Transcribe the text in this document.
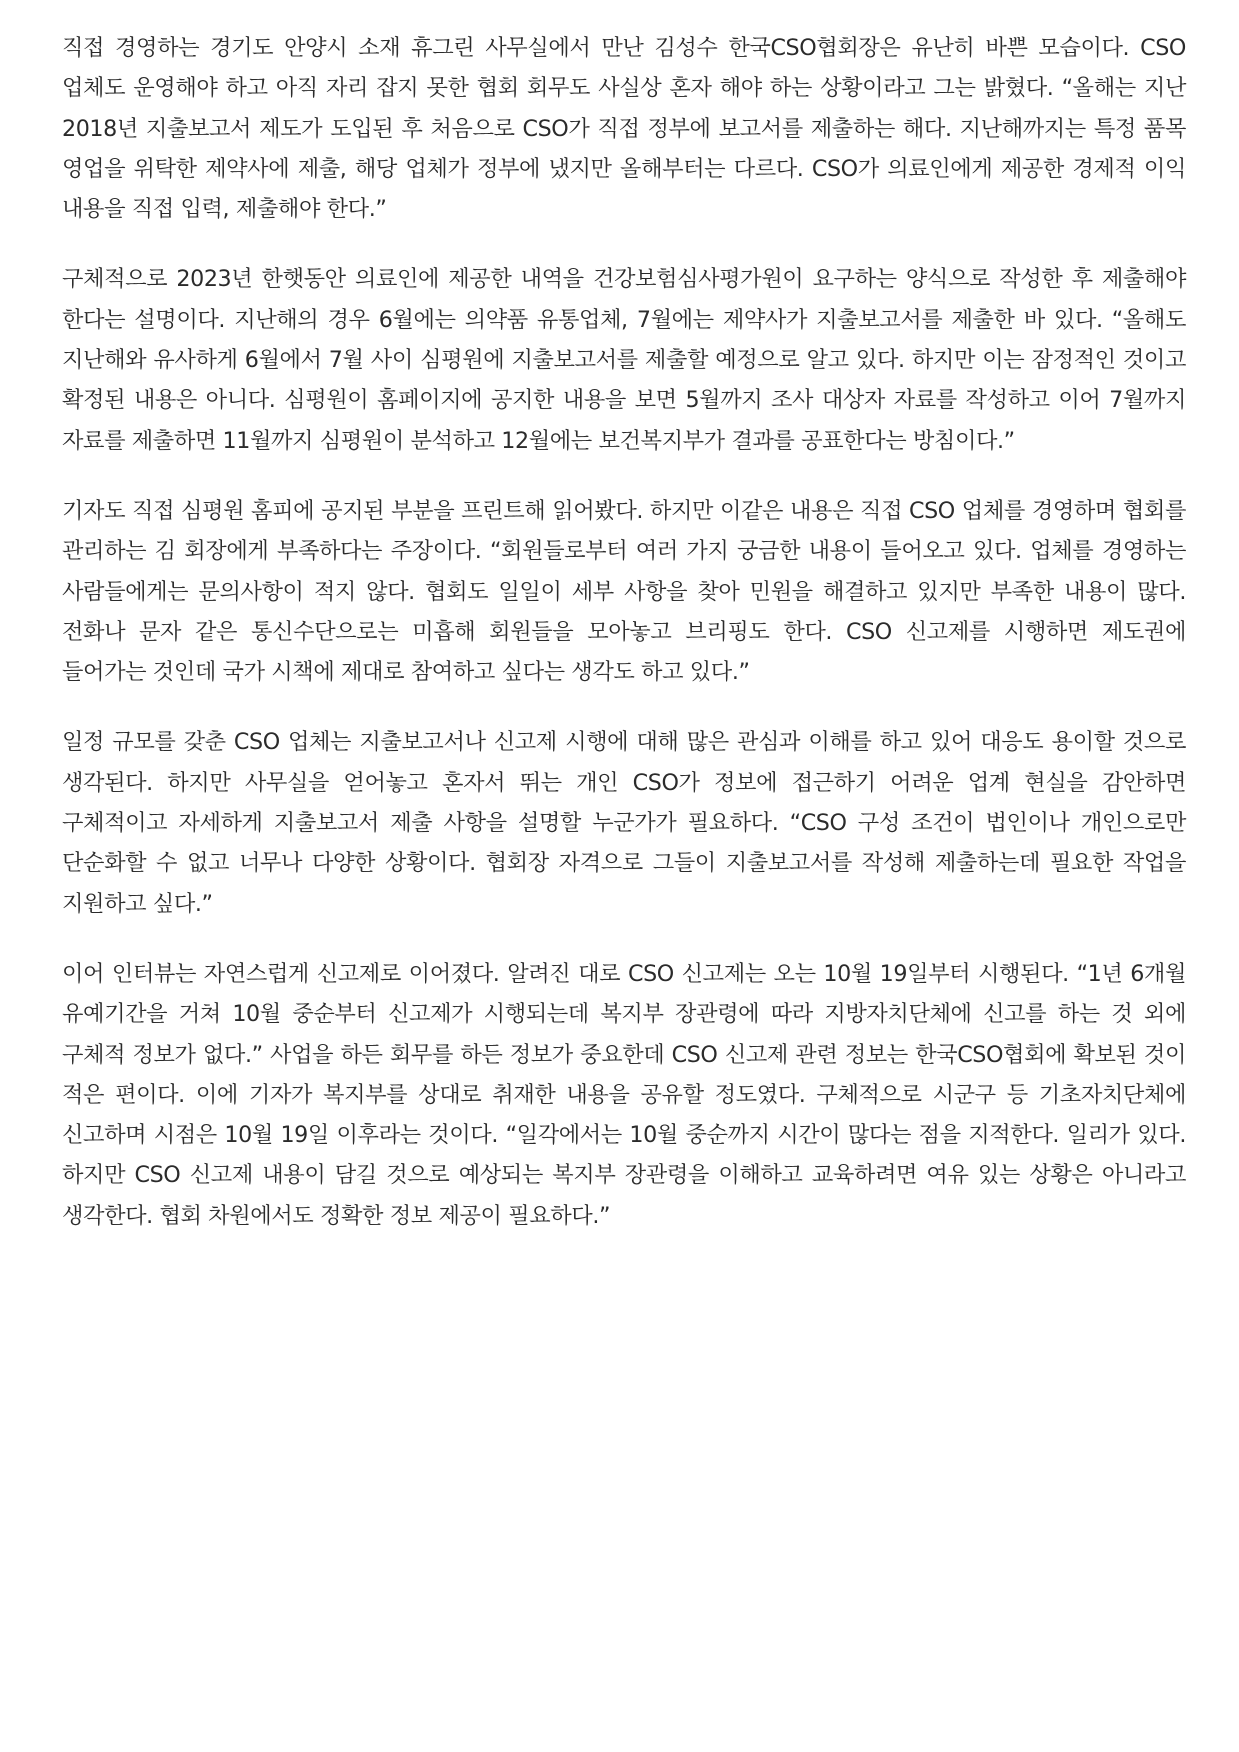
직접 경영하는 경기도 안양시 소재 휴그린 사무실에서 만난 김성수 한국CSO협회장은 유난히 바쁜 모습이다. CSO 업체도 운영해야 하고 아직 자리 잡지 못한 협회 회무도 사실상 혼자 해야 하는 상황이라고 그는 밝혔다. “올해는 지난 2018년 지출보고서 제도가 도입된 후 처음으로 CSO가 직접 정부에 보고서를 제출하는 해다. 지난해까지는 특정 품목 영업을 위탁한 제약사에 제출, 해당 업체가 정부에 냈지만 올해부터는 다르다. CSO가 의료인에게 제공한 경제적 이익 내용을 직접 입력, 제출해야 한다.”

구체적으로 2023년 한햇동안 의료인에 제공한 내역을 건강보험심사평가원이 요구하는 양식으로 작성한 후 제출해야 한다는 설명이다. 지난해의 경우 6월에는 의약품 유통업체, 7월에는 제약사가 지출보고서를 제출한 바 있다. “올해도 지난해와 유사하게 6월에서 7월 사이 심평원에 지출보고서를 제출할 예정으로 알고 있다. 하지만 이는 잠정적인 것이고 확정된 내용은 아니다. 심평원이 홈페이지에 공지한 내용을 보면 5월까지 조사 대상자 자료를 작성하고 이어 7월까지 자료를 제출하면 11월까지 심평원이 분석하고 12월에는 보건복지부가 결과를 공표한다는 방침이다.”

기자도 직접 심평원 홈피에 공지된 부분을 프린트해 읽어봤다. 하지만 이같은 내용은 직접 CSO 업체를 경영하며 협회를 관리하는 김 회장에게 부족하다는 주장이다. “회원들로부터 여러 가지 궁금한 내용이 들어오고 있다. 업체를 경영하는 사람들에게는 문의사항이 적지 않다. 협회도 일일이 세부 사항을 찾아 민원을 해결하고 있지만 부족한 내용이 많다. 전화나 문자 같은 통신수단으로는 미흡해 회원들을 모아놓고 브리핑도 한다. CSO 신고제를 시행하면 제도권에 들어가는 것인데 국가 시책에 제대로 참여하고 싶다는 생각도 하고 있다.”

일정 규모를 갖춘 CSO 업체는 지출보고서나 신고제 시행에 대해 많은 관심과 이해를 하고 있어 대응도 용이할 것으로 생각된다. 하지만 사무실을 얻어놓고 혼자서 뛰는 개인 CSO가 정보에 접근하기 어려운 업계 현실을 감안하면 구체적이고 자세하게 지출보고서 제출 사항을 설명할 누군가가 필요하다. “CSO 구성 조건이 법인이나 개인으로만 단순화할 수 없고 너무나 다양한 상황이다. 협회장 자격으로 그들이 지출보고서를 작성해 제출하는데 필요한 작업을 지원하고 싶다.”

이어 인터뷰는 자연스럽게 신고제로 이어졌다. 알려진 대로 CSO 신고제는 오는 10월 19일부터 시행된다. “1년 6개월 유예기간을 거쳐 10월 중순부터 신고제가 시행되는데 복지부 장관령에 따라 지방자치단체에 신고를 하는 것 외에 구체적 정보가 없다.” 사업을 하든 회무를 하든 정보가 중요한데 CSO 신고제 관련 정보는 한국CSO협회에 확보된 것이 적은 편이다. 이에 기자가 복지부를 상대로 취재한 내용을 공유할 정도였다. 구체적으로 시군구 등 기초자치단체에 신고하며 시점은 10월 19일 이후라는 것이다. “일각에서는 10월 중순까지 시간이 많다는 점을 지적한다. 일리가 있다. 하지만 CSO 신고제 내용이 담길 것으로 예상되는 복지부 장관령을 이해하고 교육하려면 여유 있는 상황은 아니라고 생각한다. 협회 차원에서도 정확한 정보 제공이 필요하다.”
